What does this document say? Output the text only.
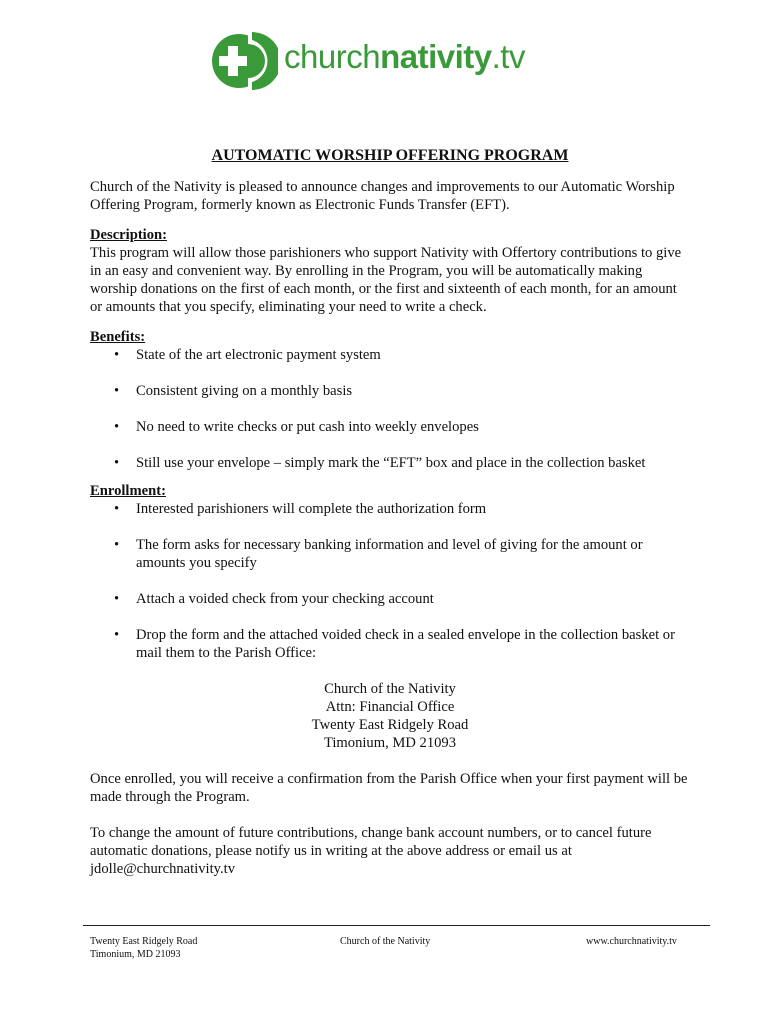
churchnativity.tv
AUTOMATIC WORSHIP OFFERING PROGRAM

Church of the Nativity is pleased to announce changes and improvements to our Automatic Worship Offering Program, formerly known as Electronic Funds Transfer (EFT).

Description:

This program will allow those parishioners who support Nativity with Offertory contributions to give in an easy and convenient way. By enrolling in the Program, you will be automatically making worship donations on the first of each month, or the first and sixteenth of each month, for an amount or amounts that you specify, eliminating your need to write a check.

Benefits:

• State of the art electronic payment system
• Consistent giving on a monthly basis
• No need to write checks or put cash into weekly envelopes
• Still use your envelope – simply mark the “EFT” box and place in the collection basket

Enrollment:

• Interested parishioners will complete the authorization form
• The form asks for necessary banking information and level of giving for the amount or amounts you specify
• Attach a voided check from your checking account
• Drop the form and the attached voided check in a sealed envelope in the collection basket or mail them to the Parish Office:
Church of the Nativity
Attn: Financial Office
Twenty East Ridgely Road
Timonium, MD 21093

Once enrolled, you will receive a confirmation from the Parish Office when your first payment will be made through the Program.

To change the amount of future contributions, change bank account numbers, or to cancel future automatic donations, please notify us in writing at the above address or email us at jdolle@churchnativity.tv

Twenty East Ridgely Road
Timonium, MD 21093
Church of the Nativity	www.churchnativity.tv
